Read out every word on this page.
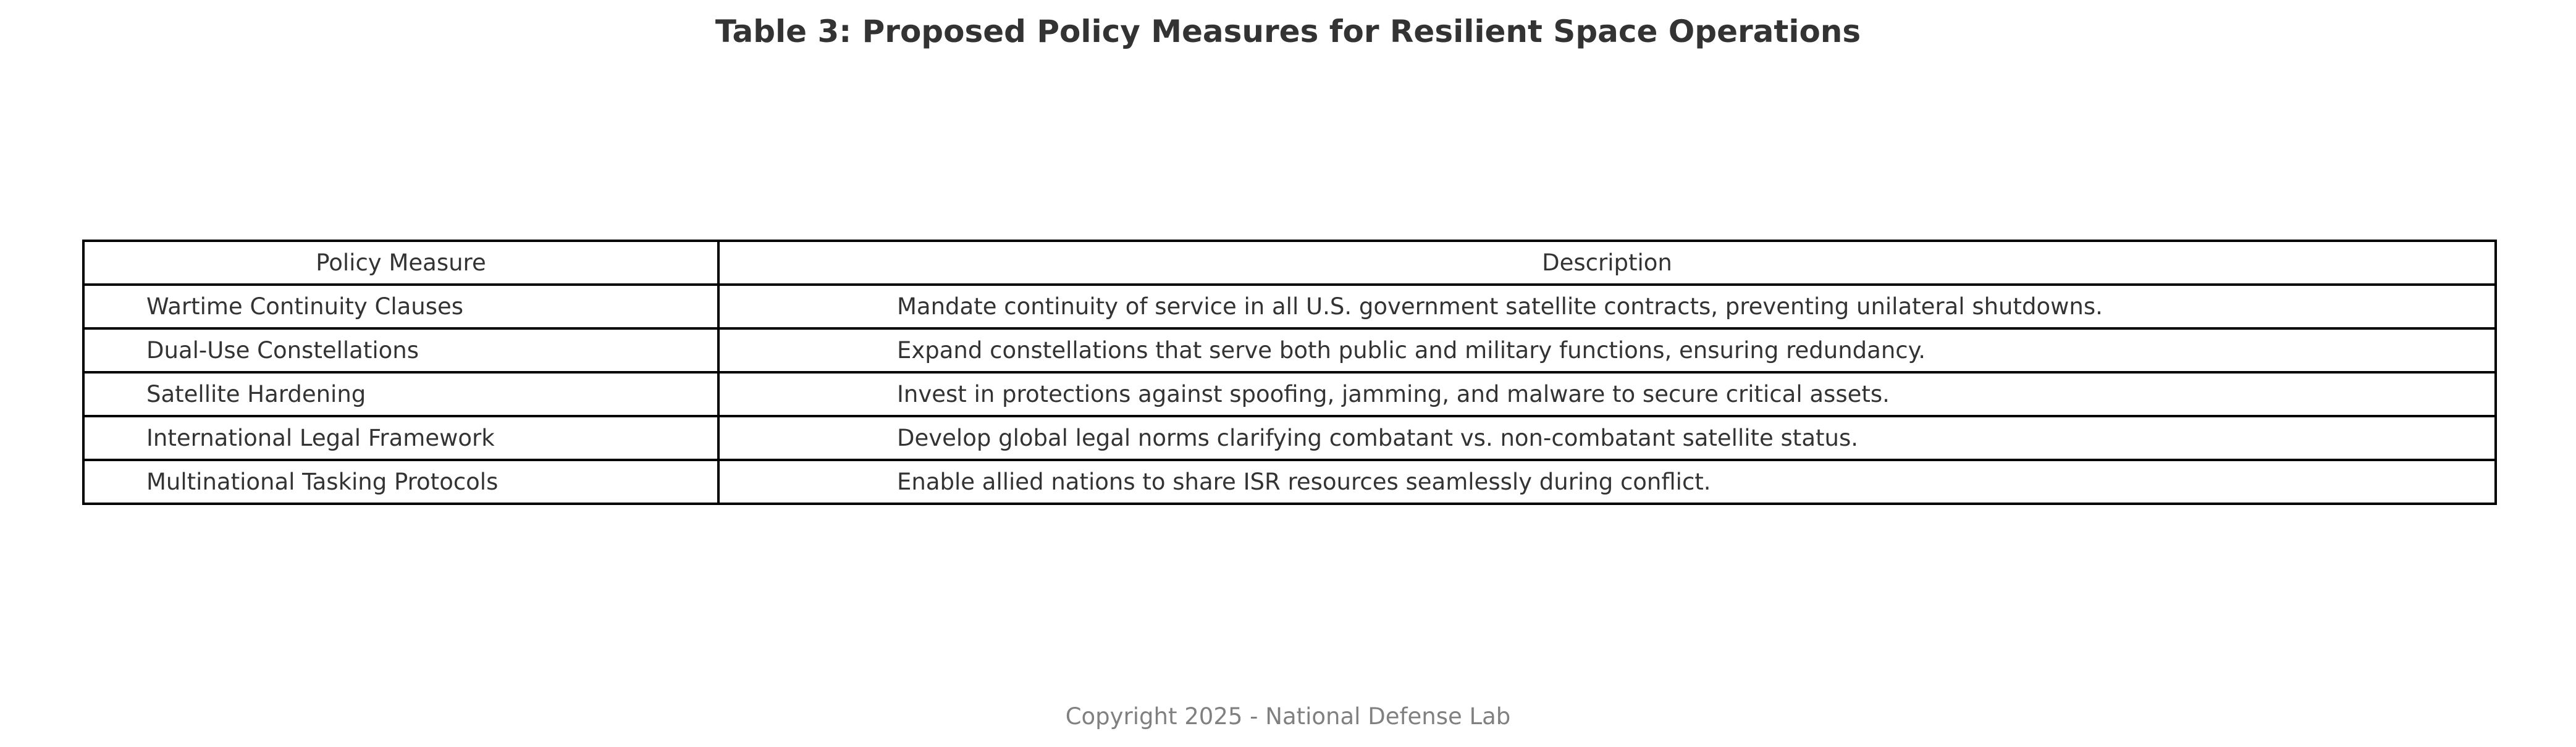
Table 3: Proposed Policy Measures for Resilient Space Operations
Policy Measure	Description
Wartime Continuity Clauses	Mandate continuity of service in all U.S. government satellite contracts, preventing unilateral shutdowns.
Dual-Use Constellations	Expand constellations that serve both public and military functions, ensuring redundancy.
Satellite Hardening	Invest in protections against spoofing, jamming, and malware to secure critical assets.
International Legal Framework	Develop global legal norms clarifying combatant vs. non-combatant satellite status.
Multinational Tasking Protocols	Enable allied nations to share ISR resources seamlessly during conflict.
Copyright 2025 - National Defense Lab
